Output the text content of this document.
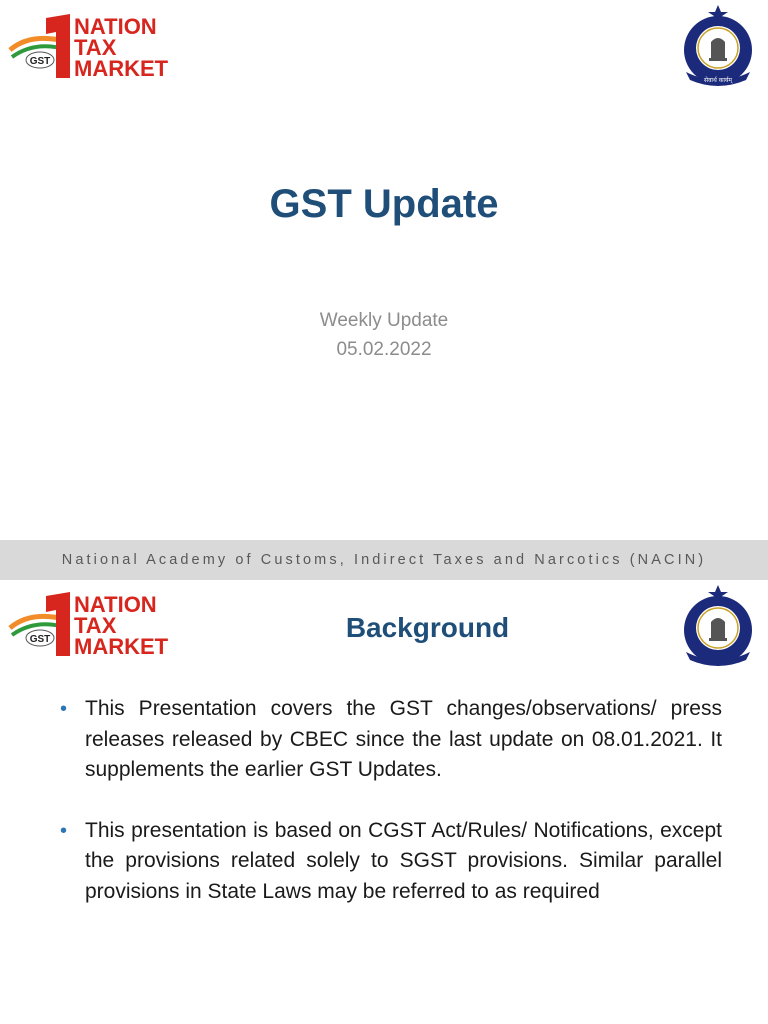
GST
NATION
TAX
MARKET	सेवार्थ कार्यम्
GST Update
Weekly Update
05.02.2022
National Academy of Customs, Indirect Taxes and Narcotics (NACIN)
GST
NATION
TAX
MARKET
Background
• This Presentation covers the GST changes/observations/ press releases released by CBEC since the last update on 08.01.2021. It supplements the earlier GST Updates.
• This presentation is based on CGST Act/Rules/ Notifications, except the provisions related solely to SGST provisions. Similar parallel provisions in State Laws may be referred to as required
